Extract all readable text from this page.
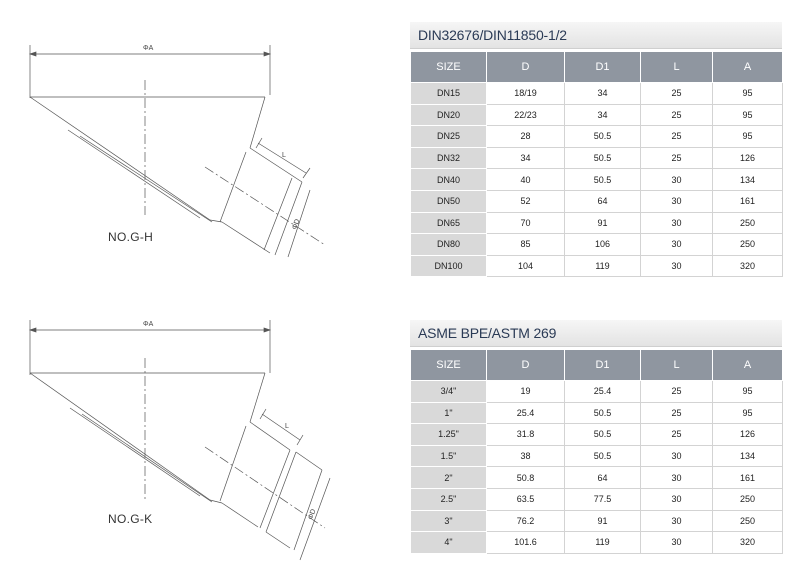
ΦA
L
ΦD
NO.G-H
ΦA
L
ΦD
NO.G-K
DIN32676/DIN11850-1/2
SIZE	D	D1	L	A
DN15	18/19	34	25	95
DN20	22/23	34	25	95
DN25	28	50.5	25	95
DN32	34	50.5	25	126
DN40	40	50.5	30	134
DN50	52	64	30	161
DN65	70	91	30	250
DN80	85	106	30	250
DN100	104	119	30	320
ASME BPE/ASTM 269
SIZE	D	D1	L	A
3/4"	19	25.4	25	95
1"	25.4	50.5	25	95
1.25"	31.8	50.5	25	126
1.5"	38	50.5	30	134
2"	50.8	64	30	161
2.5"	63.5	77.5	30	250
3"	76.2	91	30	250
4"	101.6	119	30	320
